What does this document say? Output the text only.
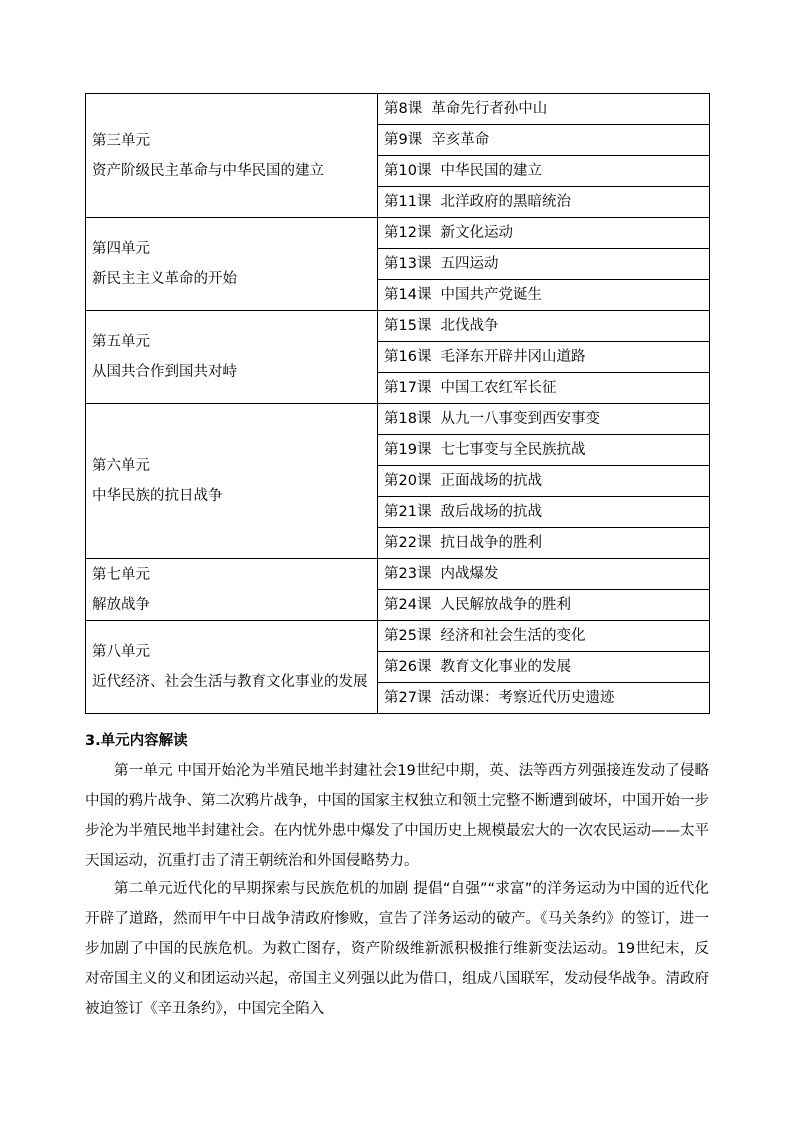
第三单元
资产阶级民主革命与中华民国的建立	第8课 革命先行者孙中山
	第9课 辛亥革命
	第10课 中华民国的建立
	第11课 北洋政府的黑暗统治

第四单元
新民主主义革命的开始	第12课 新文化运动
	第13课 五四运动
	第14课 中国共产党诞生

第五单元
从国共合作到国共对峙	第15课 北伐战争
	第16课 毛泽东开辟井冈山道路
	第17课 中国工农红军长征

第六单元
中华民族的抗日战争	第18课 从九一八事变到西安事变
	第19课 七七事变与全民族抗战
	第20课 正面战场的抗战
	第21课 敌后战场的抗战
	第22课 抗日战争的胜利

第七单元
解放战争	第23课 内战爆发
	第24课 人民解放战争的胜利

第八单元
近代经济、社会生活与教育文化事业的发展	第25课 经济和社会生活的变化
	第26课 教育文化事业的发展
	第27课 活动课：考察近代历史遗迹
3.单元内容解读

第一单元 中国开始沦为半殖民地半封建社会19世纪中期，英、法等西方列强接连发动了侵略中国的鸦片战争、第二次鸦片战争，中国的国家主权独立和领土完整不断遭到破坏，中国开始一步步沦为半殖民地半封建社会。在内忧外患中爆发了中国历史上规模最宏大的一次农民运动——太平天国运动，沉重打击了清王朝统治和外国侵略势力。

第二单元近代化的早期探索与民族危机的加剧 提倡“自强”“求富”的洋务运动为中国的近代化开辟了道路，然而甲午中日战争清政府惨败，宣告了洋务运动的破产。《马关条约》的签订，进一步加剧了中国的民族危机。为救亡图存，资产阶级维新派积极推行维新变法运动。19世纪末，反对帝国主义的义和团运动兴起，帝国主义列强以此为借口，组成八国联军，发动侵华战争。清政府被迫签订《辛丑条约》，中国完全陷入
